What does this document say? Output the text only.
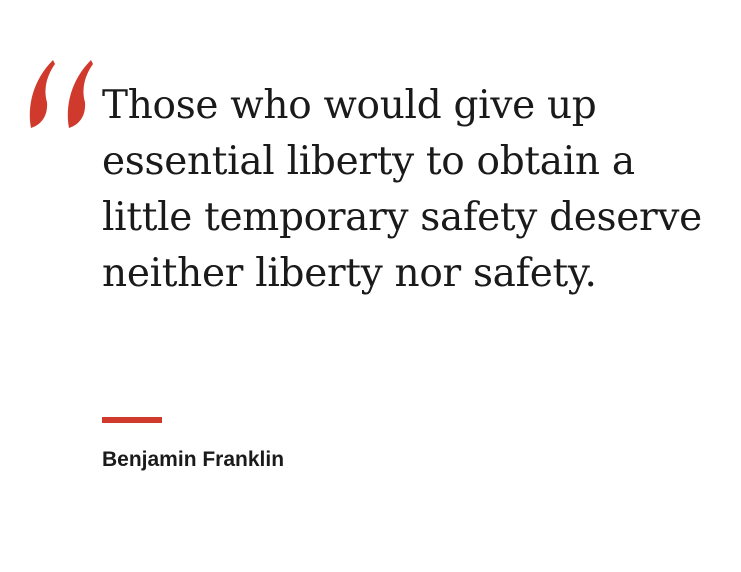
Those who would give up essential liberty to obtain a little temporary safety deserve neither liberty nor safety.

Benjamin Franklin
